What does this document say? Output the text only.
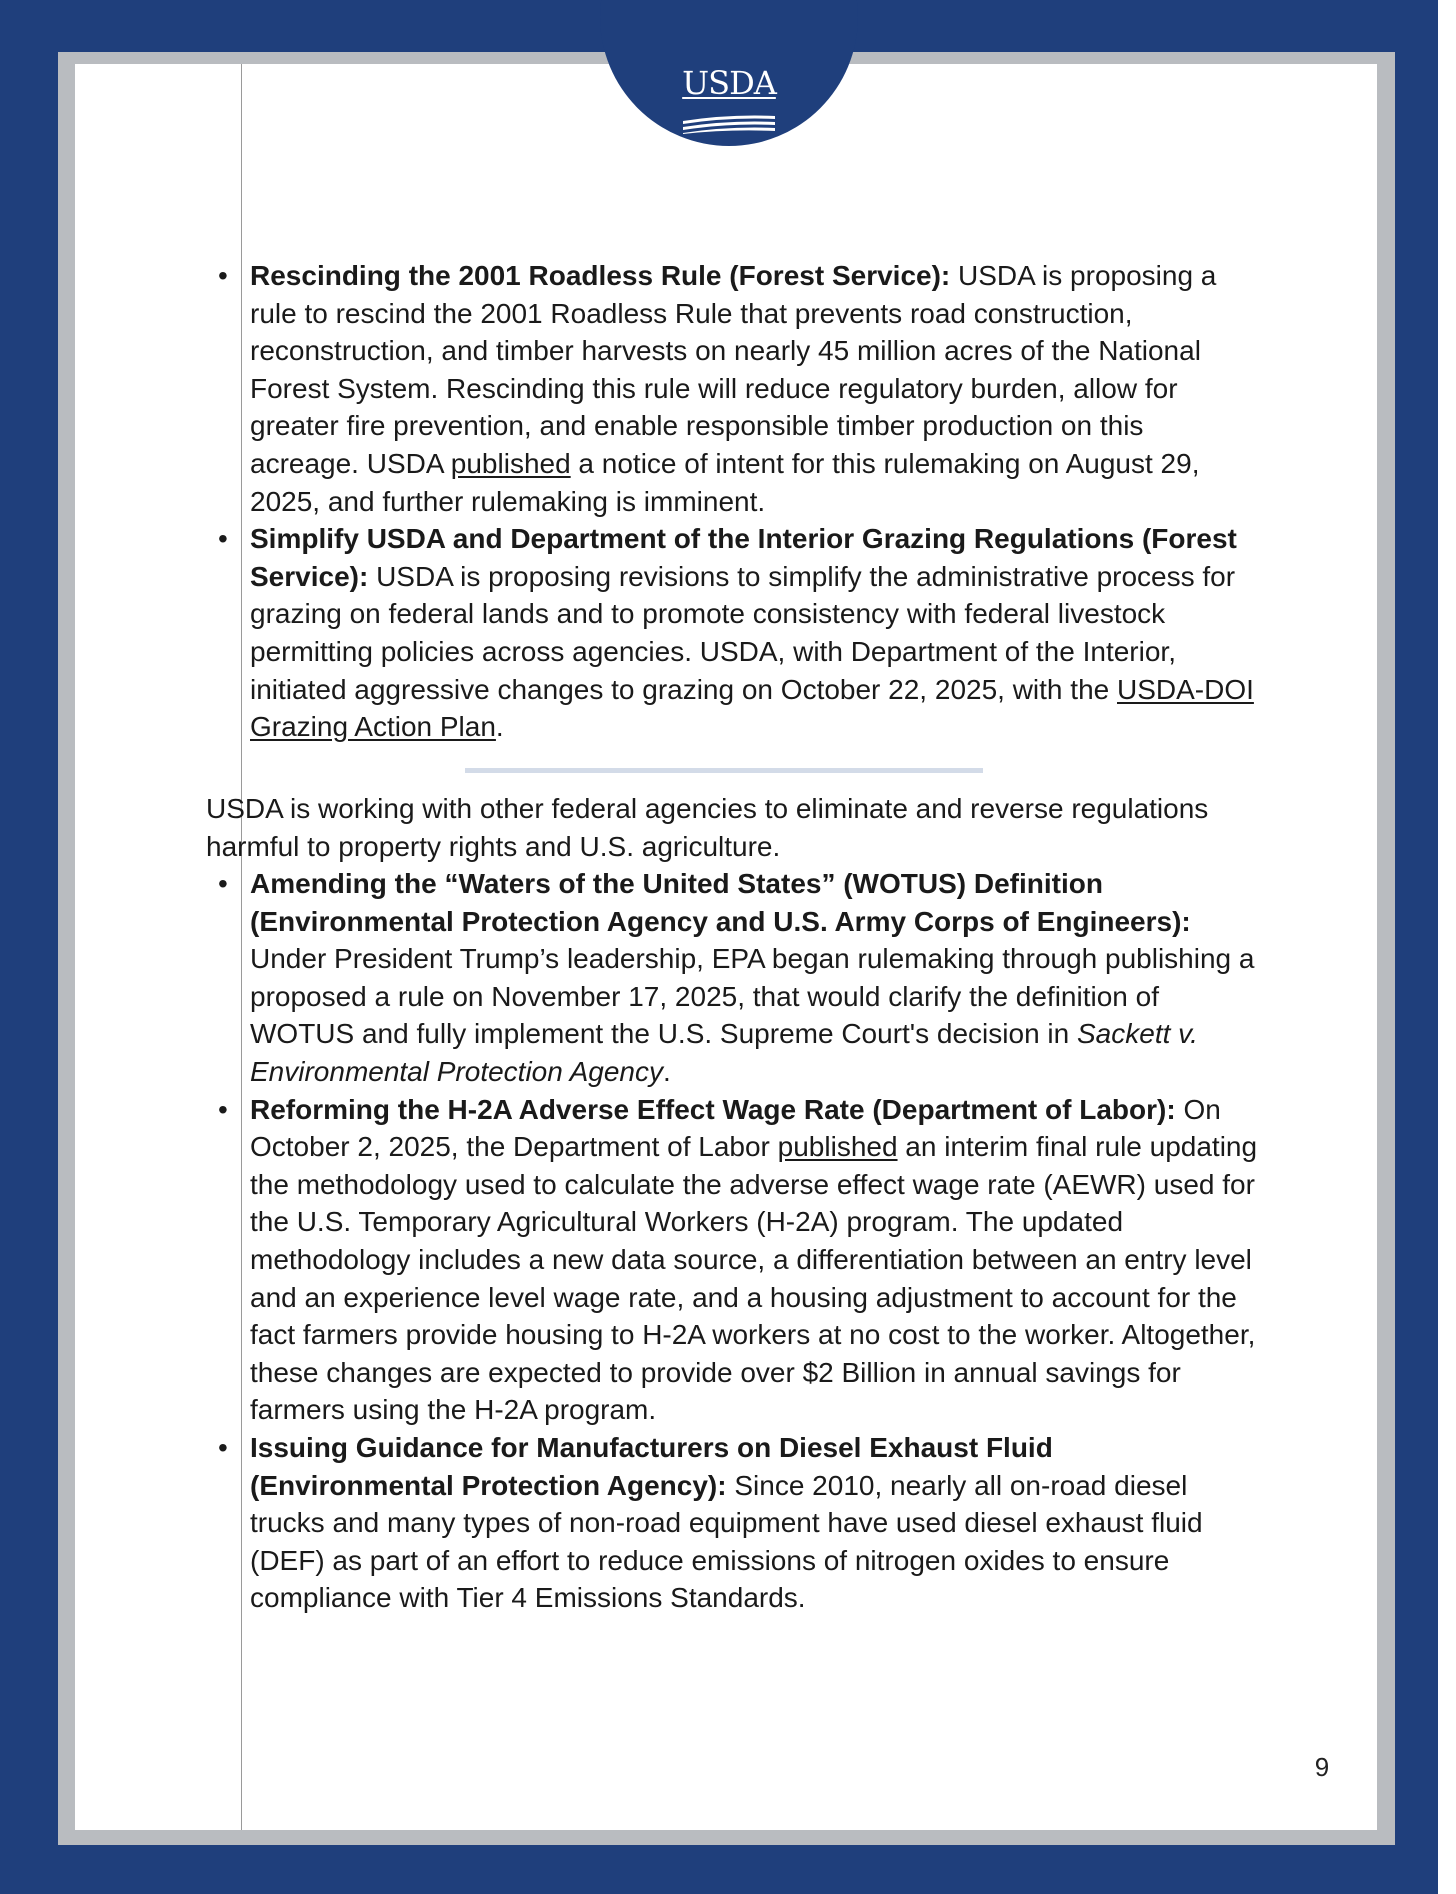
USDA
• Rescinding the 2001 Roadless Rule (Forest Service): USDA is proposing a rule to rescind the 2001 Roadless Rule that prevents road construction, reconstruction, and timber harvests on nearly 45 million acres of the National Forest System. Rescinding this rule will reduce regulatory burden, allow for greater fire prevention, and enable responsible timber production on this acreage. USDA published a notice of intent for this rulemaking on August 29, 2025, and further rulemaking is imminent.
• Simplify USDA and Department of the Interior Grazing Regulations (Forest Service): USDA is proposing revisions to simplify the administrative process for grazing on federal lands and to promote consistency with federal livestock permitting policies across agencies. USDA, with Department of the Interior, initiated aggressive changes to grazing on October 22, 2025, with the USDA-DOI Grazing Action Plan.

USDA is working with other federal agencies to eliminate and reverse regulations harmful to property rights and U.S. agriculture.

• Amending the “Waters of the United States” (WOTUS) Definition (Environmental Protection Agency and U.S. Army Corps of Engineers): Under President Trump’s leadership, EPA began rulemaking through publishing a proposed a rule on November 17, 2025, that would clarify the definition of WOTUS and fully implement the U.S. Supreme Court's decision in Sackett v. Environmental Protection Agency.
• Reforming the H-2A Adverse Effect Wage Rate (Department of Labor): On October 2, 2025, the Department of Labor published an interim final rule updating the methodology used to calculate the adverse effect wage rate (AEWR) used for the U.S. Temporary Agricultural Workers (H-2A) program. The updated methodology includes a new data source, a differentiation between an entry level and an experience level wage rate, and a housing adjustment to account for the fact farmers provide housing to H-2A workers at no cost to the worker. Altogether, these changes are expected to provide over $2 Billion in annual savings for farmers using the H-2A program.
• Issuing Guidance for Manufacturers on Diesel Exhaust Fluid (Environmental Protection Agency): Since 2010, nearly all on-road diesel trucks and many types of non-road equipment have used diesel exhaust fluid (DEF) as part of an effort to reduce emissions of nitrogen oxides to ensure compliance with Tier 4 Emissions Standards.
9
